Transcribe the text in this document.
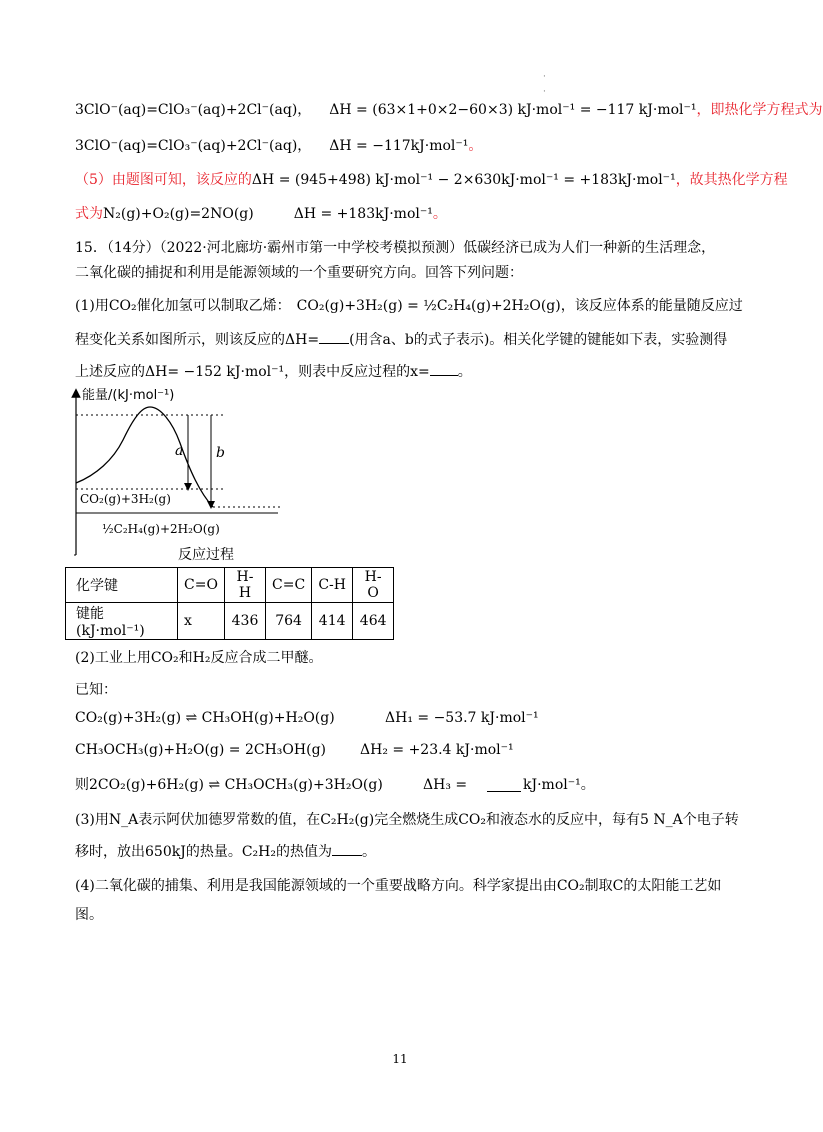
·
·
3ClO⁻(aq)=ClO₃⁻(aq)+2Cl⁻(aq)， ΔH = (63×1+0×2−60×3) kJ·mol⁻¹ = −117 kJ·mol⁻¹，即热化学方程式为
3ClO⁻(aq)=ClO₃⁻(aq)+2Cl⁻(aq)， ΔH = −117kJ·mol⁻¹。
（5）由题图可知，该反应的ΔH = (945+498) kJ·mol⁻¹ − 2×630kJ·mol⁻¹ = +183kJ·mol⁻¹，故其热化学方程
式为N₂(g)+O₂(g)=2NO(g)	ΔH = +183kJ·mol⁻¹。
15．（14分）（2022·河北廊坊·霸州市第一中学校考模拟预测）低碳经济已成为人们一种新的生活理念，
二氧化碳的捕捉和利用是能源领域的一个重要研究方向。回答下列问题：
(1)用CO₂催化加氢可以制取乙烯： CO₂(g)+3H₂(g) = ½C₂H₄(g)+2H₂O(g)，该反应体系的能量随反应过
程变化关系如图所示，则该反应的ΔH= (用含a、b的式子表示)。相关化学键的键能如下表，实验测得
上述反应的ΔH= −152 kJ·mol⁻¹，则表中反应过程的x= 。
a b
能量/(kJ·mol⁻¹)
CO₂(g)+3H₂(g)
½C₂H₄(g)+2H₂O(g)
反应过程
化学键	C=O	H-H	C=C	C-H	H-O
键能(kJ·mol⁻¹)	x	436	764	414	464
(2)工业上用CO₂和H₂反应合成二甲醚。
已知：
CO₂(g)+3H₂(g) ⇌ CH₃OH(g)+H₂O(g)	ΔH₁ = −53.7 kJ·mol⁻¹
CH₃OCH₃(g)+H₂O(g) = 2CH₃OH(g) ΔH₂ = +23.4 kJ·mol⁻¹
则2CO₂(g)+6H₂(g) ⇌ CH₃OCH₃(g)+3H₂O(g)	ΔH₃ =	kJ·mol⁻¹。
(3)用N_A表示阿伏加德罗常数的值，在C₂H₂(g)完全燃烧生成CO₂和液态水的反应中，每有5 N_A个电子转
移时，放出650kJ的热量。C₂H₂的热值为 。
(4)二氧化碳的捕集、利用是我国能源领域的一个重要战略方向。科学家提出由CO₂制取C的太阳能工艺如
图。
11
